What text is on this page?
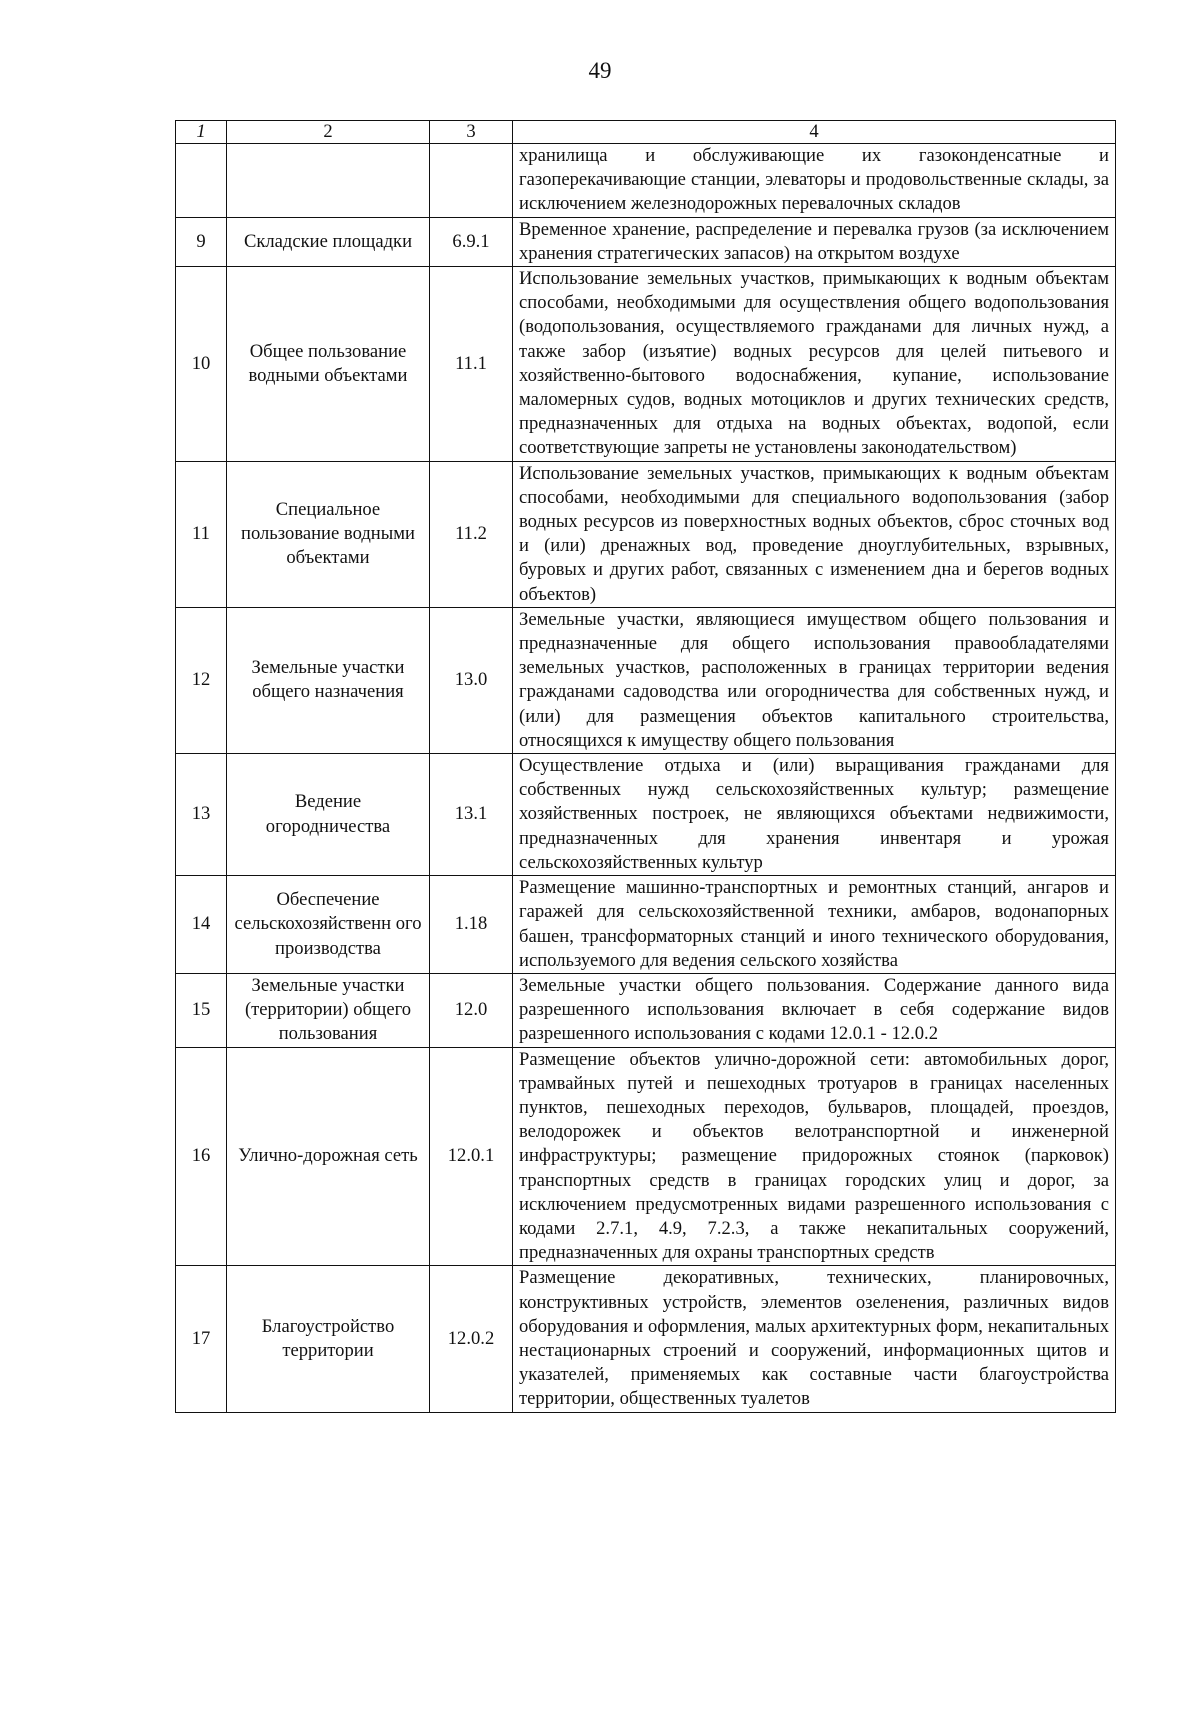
49
1	2	3	4
			хранилища и обслуживающие их газоконденсатные и газоперекачивающие станции, элеваторы и продовольственные склады, за исключением железнодорожных перевалочных складов
9	Складские площадки	6.9.1	Временное хранение, распределение и перевалка грузов (за исключением хранения стратегических запасов) на открытом воздухе
10	Общее пользование водными объектами	11.1	Использование земельных участков, примыкающих к водным объектам способами, необходимыми для осуществления общего водопользования (водопользования, осуществляемого гражданами для личных нужд, а также забор (изъятие) водных ресурсов для целей питьевого и хозяйственно-бытового водоснабжения, купание, использование маломерных судов, водных мотоциклов и других технических средств, предназначенных для отдыха на водных объектах, водопой, если соответствующие запреты не установлены законодательством)
11	Специальное пользование водными объектами	11.2	Использование земельных участков, примыкающих к водным объектам способами, необходимыми для специального водопользования (забор водных ресурсов из поверхностных водных объектов, сброс сточных вод и (или) дренажных вод, проведение дноуглубительных, взрывных, буровых и других работ, связанных с изменением дна и берегов водных объектов)
12	Земельные участки общего назначения	13.0	Земельные участки, являющиеся имуществом общего пользования и предназначенные для общего использования правообладателями земельных участков, расположенных в границах территории ведения гражданами садоводства или огородничества для собственных нужд, и (или) для размещения объектов капитального строительства, относящихся к имуществу общего пользования
13	Ведение огородничества	13.1	Осуществление отдыха и (или) выращивания гражданами для собственных нужд сельскохозяйственных культур; размещение хозяйственных построек, не являющихся объектами недвижимости, предназначенных для хранения инвентаря и урожая сельскохозяйственных культур
14	Обеспечение сельскохозяйственн ого производства	1.18	Размещение машинно-транспортных и ремонтных станций, ангаров и гаражей для сельскохозяйственной техники, амбаров, водонапорных башен, трансформаторных станций и иного технического оборудования, используемого для ведения сельского хозяйства
15	Земельные участки (территории) общего пользования	12.0	Земельные участки общего пользования. Содержание данного вида разрешенного использования включает в себя содержание видов разрешенного использования с кодами 12.0.1 - 12.0.2
16	Улично-дорожная сеть	12.0.1	Размещение объектов улично-дорожной сети: автомобильных дорог, трамвайных путей и пешеходных тротуаров в границах населенных пунктов, пешеходных переходов, бульваров, площадей, проездов, велодорожек и объектов велотранспортной и инженерной инфраструктуры; размещение придорожных стоянок (парковок) транспортных средств в границах городских улиц и дорог, за исключением предусмотренных видами разрешенного использования с кодами 2.7.1, 4.9, 7.2.3, а также некапитальных сооружений, предназначенных для охраны транспортных средств
17	Благоустройство территории	12.0.2	Размещение декоративных, технических, планировочных, конструктивных устройств, элементов озеленения, различных видов оборудования и оформления, малых архитектурных форм, некапитальных нестационарных строений и сооружений, информационных щитов и указателей, применяемых как составные части благоустройства территории, общественных туалетов
